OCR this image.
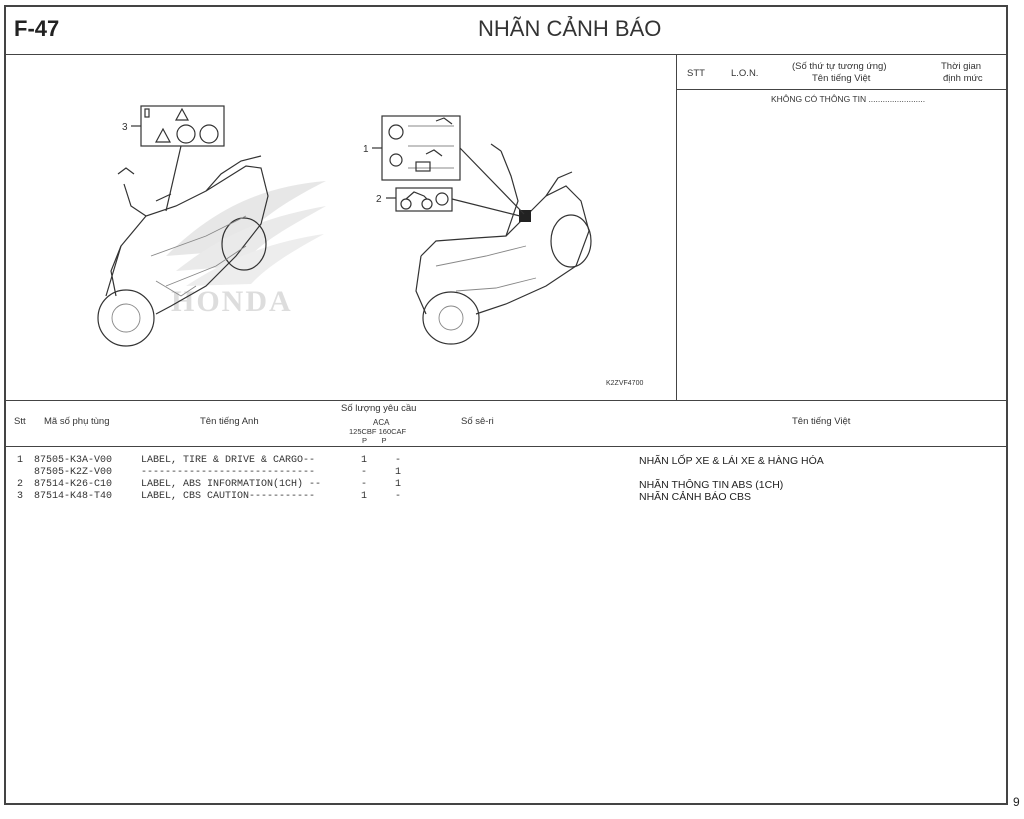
F-47	NHÃN CẢNH BÁO
STT	L.O.N.
(Số thứ tự tương ứng)
Tên tiếng Việt
Thời gian
định mức
KHÔNG CÓ THÔNG TIN ........................
HONDA
3
1
2
K2ZVF4700
Stt Mã số phụ tùng	Tên tiếng Anh
Số lượng yêu cầu
ACA
125CBF 160CAF
P       P
Số sê-ri	Tên tiếng Việt
1 87505-K3A-V00	LABEL, TIRE & DRIVE & CARGO--	1	-	NHÃN LỐP XE & LÁI XE & HÀNG HÓA
87505-K2Z-V00	-----------------------------	-	1
2 87514-K26-C10	LABEL, ABS INFORMATION(1CH) --	-	1	NHÃN THÔNG TIN ABS (1CH)
3 87514-K48-T40	LABEL, CBS CAUTION-----------	1	-	NHÃN CẢNH BÁO CBS
9
